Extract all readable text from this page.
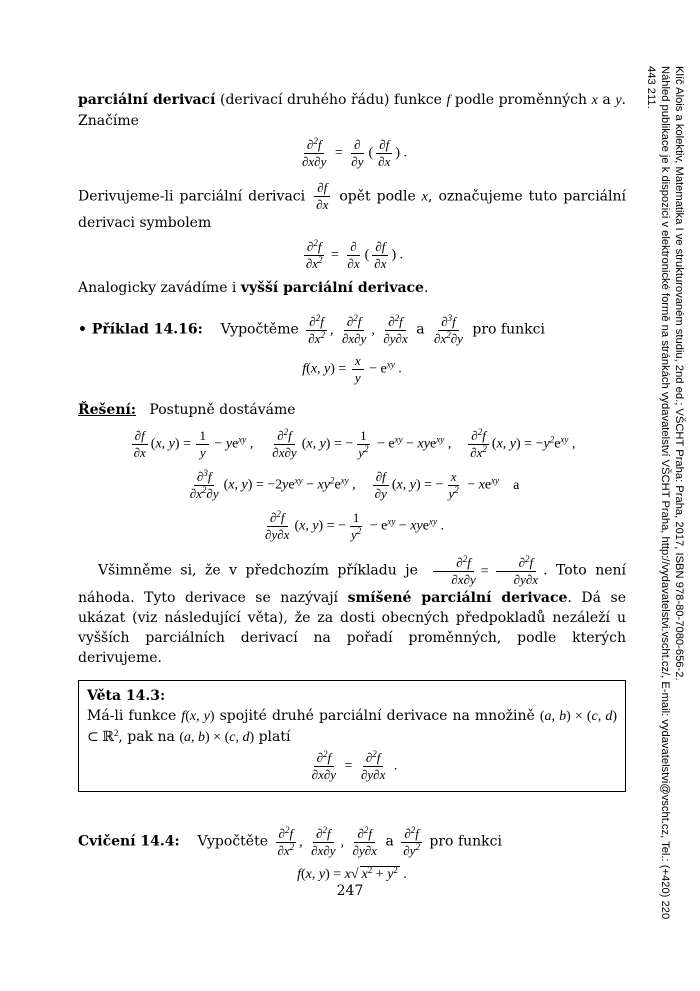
Klíč Alois a kolektiv, Matematika I ve strukturovaném studiu, 2nd ed.; VŠCHT Praha: Praha, 2017, ISBN 978-80-7080-656-2.
Náhled publikace je k dispozici v elektronické formě na stránkách vydavatelství VŠCHT Praha, http://vydavatelstvi.vscht.cz/, E-mail: vydavatelstvi@vscht.cz, Tel.: (+420) 220 443 211.

parciální derivací (derivací druhého řádu) funkce f podle proměnných x a y. Značíme

$\frac{\partial^2f}{\partial x\partial y} = \frac{\partial}{\partial y}$ ( $\frac{\partial f}{\partial x}$ ) .

Derivujeme-li parciální derivaci $\frac{\partial f}{\partial x}$ opět podle x, označujeme tuto parciální derivaci symbolem

$\frac{\partial^2f}{\partial x^2} = \frac{\partial}{\partial x}$ ( $\frac{\partial f}{\partial x}$ ) .

Analogicky zavádíme i vyšší parciální derivace.

• Příklad 14.16: Vypočtěme $\frac{\partial^2f}{\partial x^2}$ , $\frac{\partial^2f}{\partial x\partial y}$ , $\frac{\partial^2f}{\partial y\partial x}$ a $\frac{\partial^3f}{\partial x^2\partial y}$ pro funkci

f(x, $y) = \frac{x}{y} - e^{xy}$ .

Řešení: Postupně dostáváme

$\frac{\partial f}{\partial x} (x$, $y) = \frac{1}{y} - ye^{xy}$ , $\frac{\partial^2f}{\partial x\partial y} (x$, y) = − $\frac{1}{y^2} - e^{xy} - xye^{xy}$ , $\frac{\partial^2f}{\partial x^2} (x$, $y) = -y^2e^{xy}$ ,
$\frac{\partial^3f}{\partial x^2\partial y} (x$, $y) = -2ye^{xy} - xy^2e^{xy}$ , $\frac{\partial f}{\partial y} (x$, y) = − $\frac{x}{y^2} - xe^{xy}$ a
$\frac{\partial^2f}{\partial y\partial x} (x$, y) = − $\frac{1}{y^2} - e^{xy} - xye^{xy}$ .

Všimněme si, že v předchozím příkladu je $\frac{\partial^2f}{\partial x\partial y} = \frac{\partial^2f}{\partial y\partial x}$ . Toto není náhoda. Tyto derivace se nazývají smíšené parciální derivace. Dá se ukázat (viz následující věta), že za dosti obecných předpokladů nezáleží u vyšších parciálních derivací na pořadí proměnných, podle kterých derivujeme.

Věta 14.3:

Má-li funkce f(x, y) spojité druhé parciální derivace na množině (a, b) × (c, d) ⊂ ℝ$^2$, pak na (a, b) × (c, d) platí

$\frac{\partial^2f}{\partial x\partial y} = \frac{\partial^2f}{\partial y\partial x}$ .

Cvičení 14.4: Vypočtěte $\frac{\partial^2f}{\partial x^2}$ , $\frac{\partial^2f}{\partial x\partial y}$ , $\frac{\partial^2f}{\partial y\partial x}$ a $\frac{\partial^2f}{\partial y^2}$ pro funkci

f(x, y) = x√ $x^2 + y^2$ .
247
